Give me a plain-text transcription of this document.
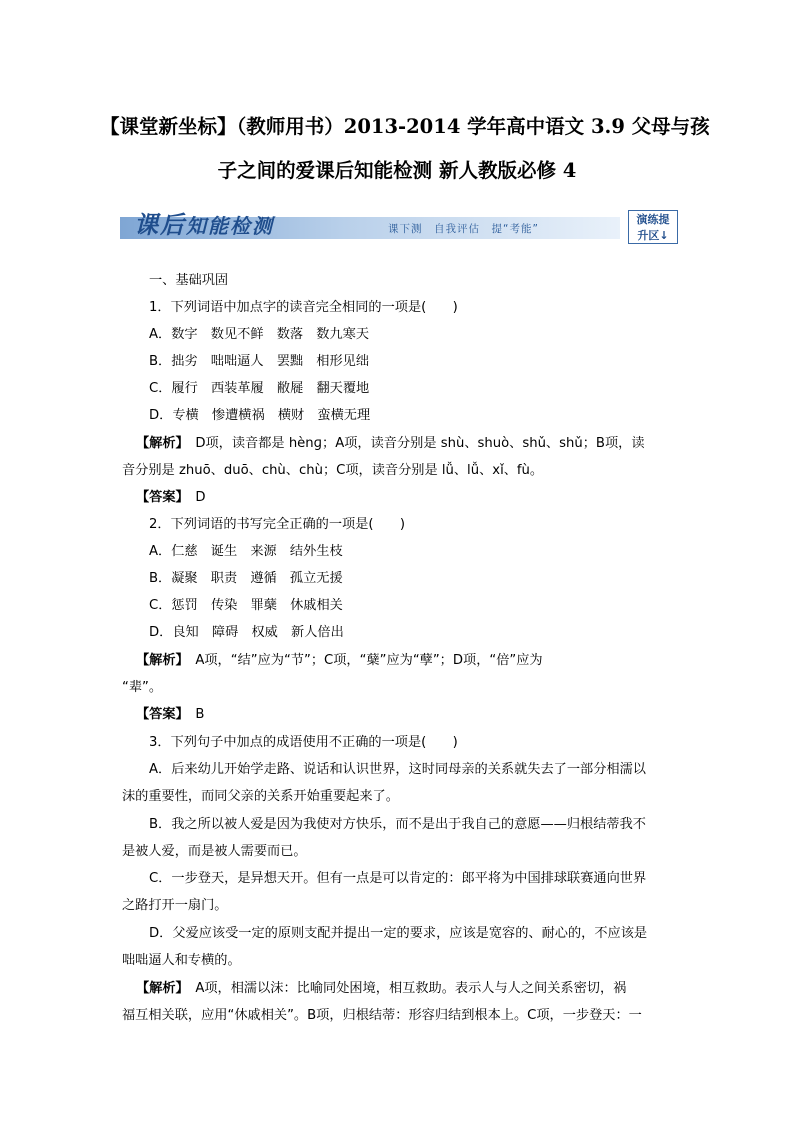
【课堂新坐标】（教师用书）2013-2014 学年高中语文 3.9 父母与孩
子之间的爱课后知能检测 新人教版必修 4
课后知能检测	课下测　自我评估　提“考能”
演练提
升区↓
一、基础巩固
1．下列词语中加点字的读音完全相同的一项是(　　)
A．数字　数见不鲜　数落　数九寒天
B．拙劣　咄咄逼人　罢黜　相形见绌
C．履行　西装革履　敝屣　翻天覆地
D．专横　惨遭横祸　横财　蛮横无理
【解析】　 D项，读音都是 hènɡ；A项，读音分别是 shù、shuò、shǔ、shǔ；B项，读
音分别是 zhuō、duō、chù、chù；C项，读音分别是 lǚ、lǚ、xǐ、fù。
【答案】　 D
2．下列词语的书写完全正确的一项是(　　)
A．仁慈　诞生　来源　结外生枝
B．凝聚　职责　遵循　孤立无援
C．惩罚　传染　罪蘖　休戚相关
D．良知　障碍　权威　新人倍出
【解析】　 A项，“结”应为“节”；C项，“蘖”应为“孽”；D项，“倍”应为
“辈”。
【答案】　 B
3．下列句子中加点的成语使用不正确的一项是(　　)
A．后来幼儿开始学走路、说话和认识世界，这时同母亲的关系就失去了一部分相濡以
沫的重要性，而同父亲的关系开始重要起来了。
B．我之所以被人爱是因为我使对方快乐，而不是出于我自己的意愿——归根结蒂我不
是被人爱，而是被人需要而已。
C．一步登天，是异想天开。但有一点是可以肯定的：郎平将为中国排球联赛通向世界
之路打开一扇门。
D．父爱应该受一定的原则支配并提出一定的要求，应该是宽容的、耐心的，不应该是
咄咄逼人和专横的。
【解析】　 A项，相濡以沫：比喻同处困境，相互救助。表示人与人之间关系密切，祸
福互相关联，应用“休戚相关”。B项，归根结蒂：形容归结到根本上。C项，一步登天：一
